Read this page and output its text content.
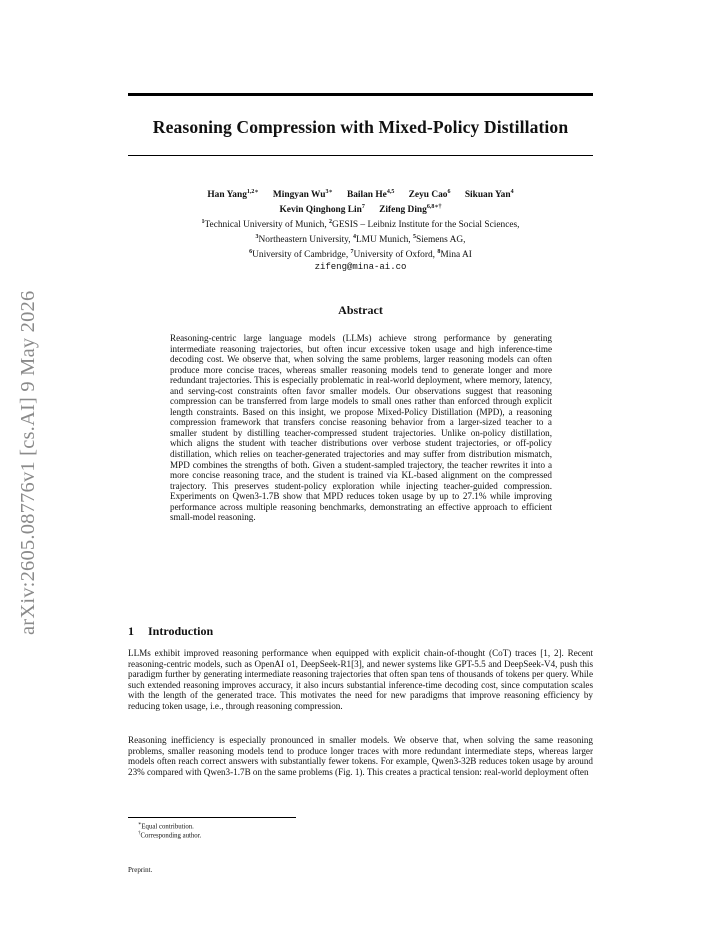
arXiv:2605.08776v1 [cs.AI] 9 May 2026
Reasoning Compression with Mixed-Policy Distillation
Han Yang$^{1,2∗}$ Mingyan $Wu^{3∗}$ Bailan He$^{4,5}$ Zeyu Cao$^6$ Sikuan Yan$^4$
Kevin Qinghong Lin$^7$ Zifeng Ding$^{6,8∗\dagger}$
$^1$Technical University of Munich, $^2$GESIS – Leibniz Institute for the Social Sciences,
$^3$Northeastern University, $^4$LMU Munich, $^5$Siemens AG,
$^6$University of Cambridge, $^7$University of Oxford, $^8$Mina AI
zifeng@mina-ai.co
Abstract
Reasoning-centric large language models (LLMs) achieve strong performance by generating intermediate reasoning trajectories, but often incur excessive token usage and high inference-time decoding cost. We observe that, when solving the same problems, larger reasoning models can often produce more concise traces, whereas smaller reasoning models tend to generate longer and more redundant trajectories. This is especially problematic in real-world deployment, where memory, latency, and serving-cost constraints often favor smaller models. Our observations suggest that reasoning compression can be transferred from large models to small ones rather than enforced through explicit length constraints. Based on this insight, we propose Mixed-Policy Distillation (MPD), a reasoning compression framework that transfers concise reasoning behavior from a larger-sized teacher to a smaller student by distilling teacher-compressed student trajectories. Unlike on-policy distillation, which aligns the student with teacher distributions over verbose student trajectories, or off-policy distillation, which relies on teacher-generated trajectories and may suffer from distribution mismatch, MPD combines the strengths of both. Given a student-sampled trajectory, the teacher rewrites it into a more concise reasoning trace, and the student is trained via KL-based alignment on the compressed trajectory. This preserves student-policy exploration while injecting teacher-guided compression. Experiments on Qwen3-1.7B show that MPD reduces token usage by up to 27.1% while improving performance across multiple reasoning benchmarks, demonstrating an effective approach to efficient small-model reasoning.
1 Introduction

LLMs exhibit improved reasoning performance when equipped with explicit chain-of-thought (CoT) traces [1, 2]. Recent reasoning-centric models, such as OpenAI o1, DeepSeek-R1[3], and newer systems like GPT-5.5 and DeepSeek-V4, push this paradigm further by generating intermediate reasoning trajectories that often span tens of thousands of tokens per query. While such extended reasoning improves accuracy, it also incurs substantial inference-time decoding cost, since computation scales with the length of the generated trace. This motivates the need for new paradigms that improve reasoning efficiency by reducing token usage, i.e., through reasoning compression.

Reasoning inefficiency is especially pronounced in smaller models. We observe that, when solving the same reasoning problems, smaller reasoning models tend to produce longer traces with more redundant intermediate steps, whereas larger models often reach correct answers with substantially fewer tokens. For example, Qwen3-32B reduces token usage by around 23% compared with Qwen3-1.7B on the same problems (Fig. 1). This creates a practical tension: real-world deployment often

∗Equal contribution.
†Corresponding author.
Preprint.
